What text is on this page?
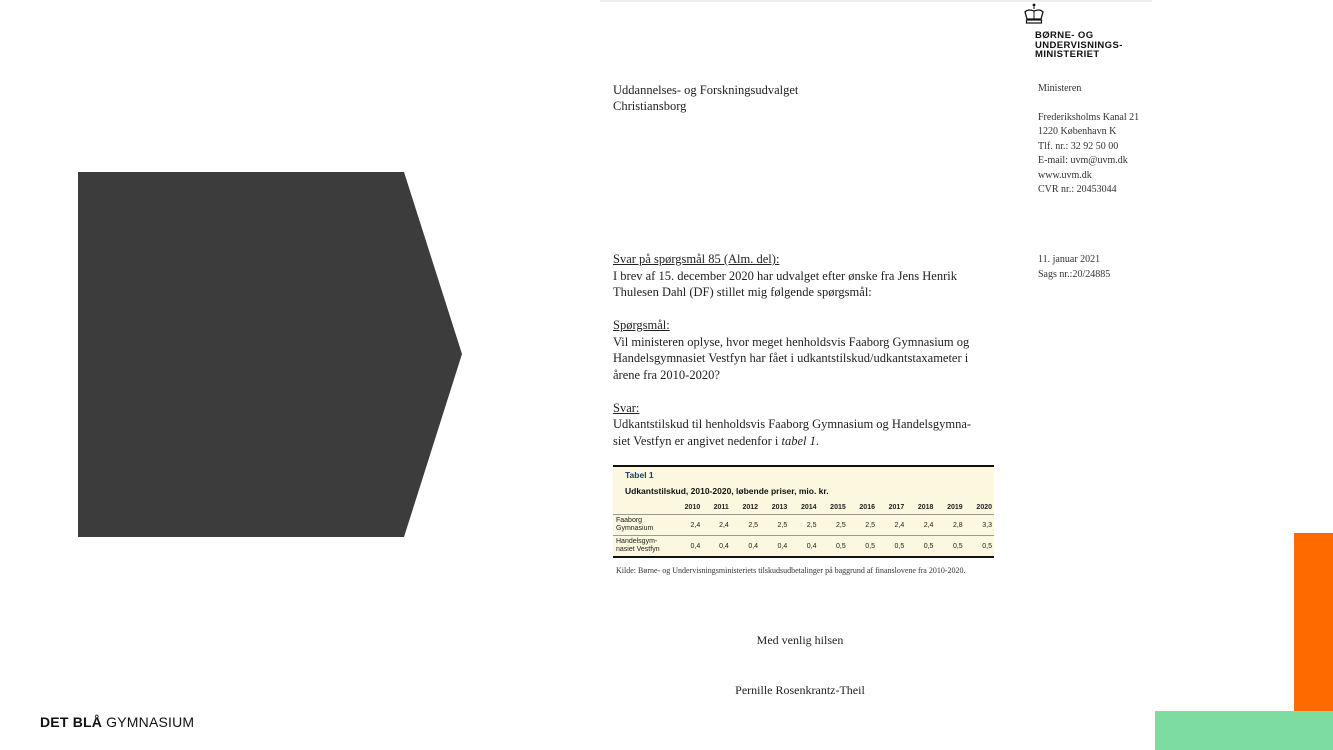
DET BLÅ GYMNASIUM
BØRNE- OG
UNDERVISNINGS-
MINISTERIET
Uddannelses- og Forskningsudvalget
Christiansborg
Ministeren
Frederiksholms Kanal 21
1220 København K
Tlf. nr.: 32 92 50 00
E-mail: uvm@uvm.dk
www.uvm.dk
CVR nr.: 20453044
11. januar 2021
Sags nr.:20/24885

Svar på spørgsmål 85 (Alm. del):

I brev af 15. december 2020 har udvalget efter ønske fra Jens Henrik

Thulesen Dahl (DF) stillet mig følgende spørgsmål:

Spørgsmål:

Vil ministeren oplyse, hvor meget henholdsvis Faaborg Gymnasium og

Handelsgymnasiet Vestfyn har fået i udkantstilskud/udkantstaxameter i

årene fra 2010-2020?

Svar:

Udkantstilskud til henholdsvis Faaborg Gymnasium og Handelsgymna-

siet Vestfyn er angivet nedenfor i tabel 1.

Tabel 1
Udkantstilskud, 2010-2020, løbende priser, mio. kr.
	2010	2011	2012	2013	2014	2015	2016	2017	2018	2019	2020

Faaborg
Gymnasium	2,4	2,4	2,5	2,5	2,5	2,5	2,5	2,4	2,4	2,8	3,3

Handelsgym-
nasiet Vestfyn	0,4	0,4	0,4	0,4	0,4	0,5	0,5	0,5	0,5	0,5	0,5
Kilde: Børne- og Undervisningsministeriets tilskudsudbetalinger på baggrund af finanslovene fra 2010-2020.
Med venlig hilsen
Pernille Rosenkrantz-Theil
